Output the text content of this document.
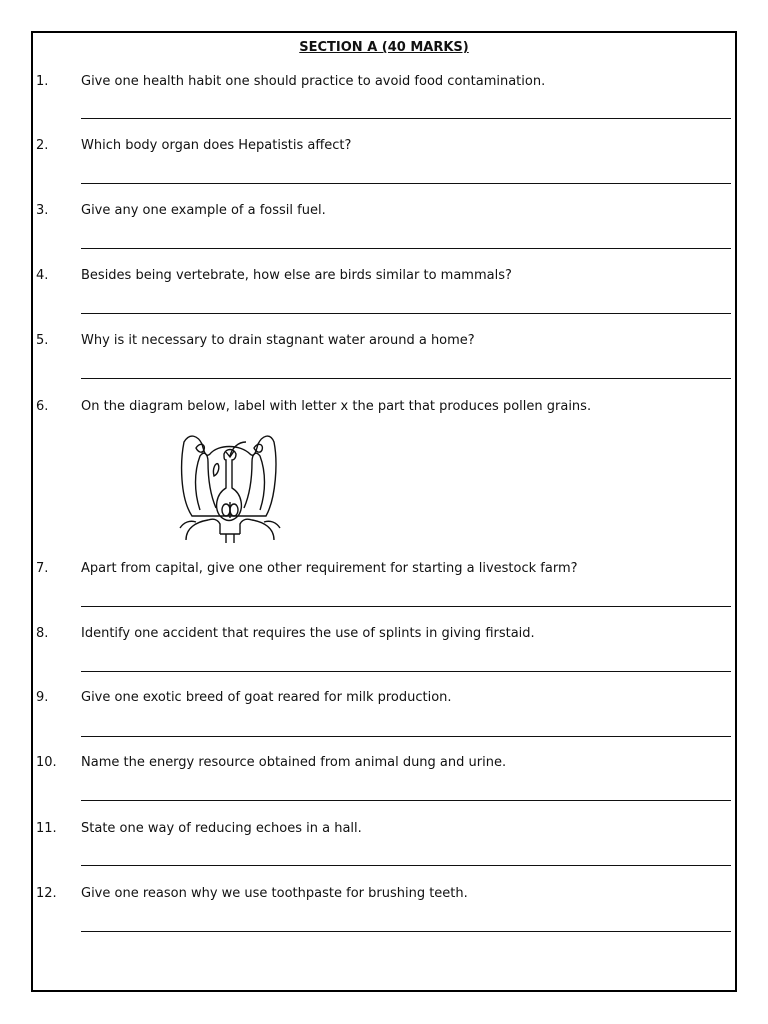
SECTION A (40 MARKS)
1.	Give one health habit one should practice to avoid food contamination.
2.	Which body organ does Hepatistis affect?
3.	Give any one example of a fossil fuel.
4.	Besides being vertebrate, how else are birds similar to mammals?
5.	Why is it necessary to drain stagnant water around a home?
6.	On the diagram below, label with letter x the part that produces pollen grains.
7.	Apart from capital, give one other requirement for starting a livestock farm?
8.	Identify one accident that requires the use of splints in giving firstaid.
9.	Give one exotic breed of goat reared for milk production.
10. Name the energy resource obtained from animal dung and urine.
11. State one way of reducing echoes in a hall.
12. Give one reason why we use toothpaste for brushing teeth.
